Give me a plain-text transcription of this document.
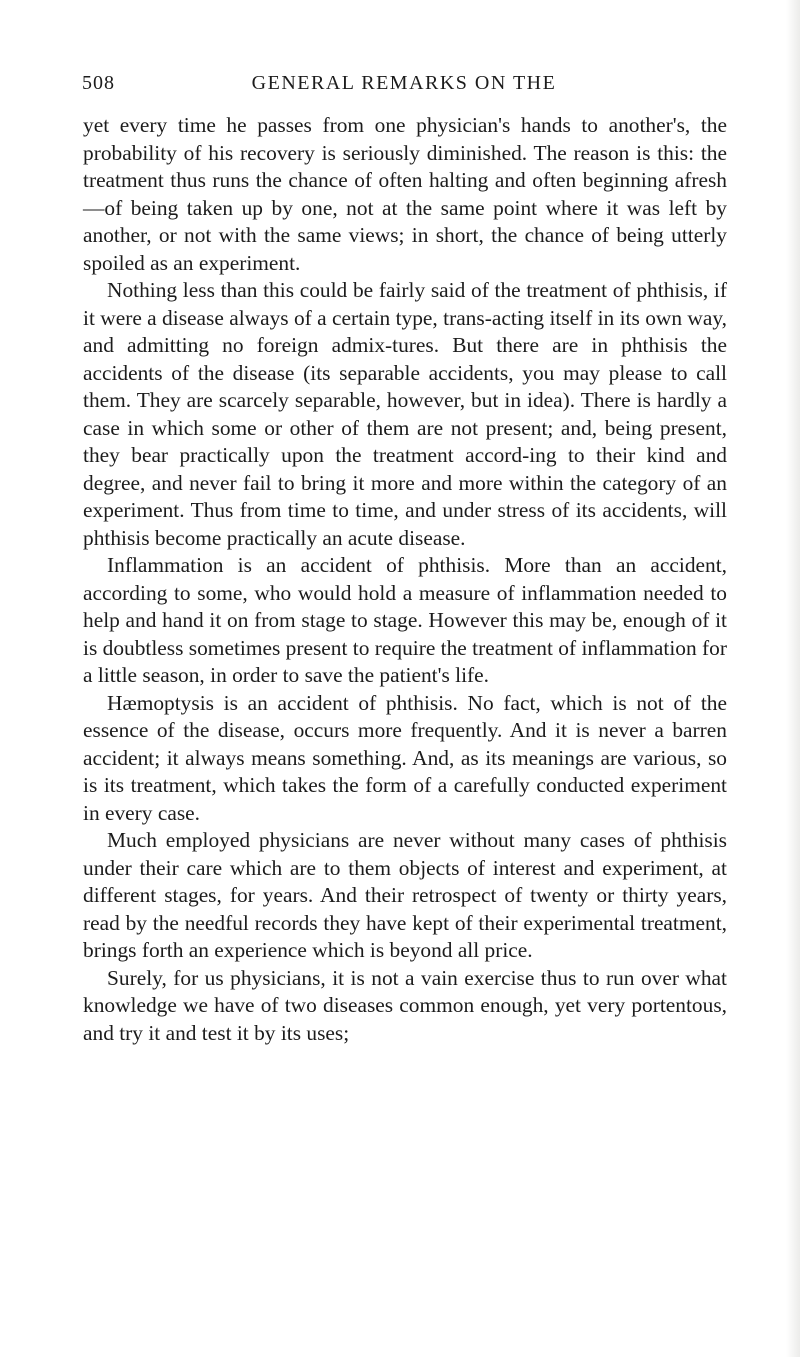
508	GENERAL REMARKS ON THE

yet every time he passes from one physician's hands to another's, the probability of his recovery is seriously diminished. The reason is this: the treatment thus runs the chance of often halting and often beginning afresh—of being taken up by one, not at the same point where it was left by another, or not with the same views; in short, the chance of being utterly spoiled as an experiment.

Nothing less than this could be fairly said of the treatment of phthisis, if it were a disease always of a certain type, trans-acting itself in its own way, and admitting no foreign admix-tures. But there are in phthisis the accidents of the disease (its separable accidents, you may please to call them. They are scarcely separable, however, but in idea). There is hardly a case in which some or other of them are not present; and, being present, they bear practically upon the treatment accord-ing to their kind and degree, and never fail to bring it more and more within the category of an experiment. Thus from time to time, and under stress of its accidents, will phthisis become practically an acute disease.

Inflammation is an accident of phthisis. More than an accident, according to some, who would hold a measure of inflammation needed to help and hand it on from stage to stage. However this may be, enough of it is doubtless sometimes present to require the treatment of inflammation for a little season, in order to save the patient's life.

Hæmoptysis is an accident of phthisis. No fact, which is not of the essence of the disease, occurs more frequently. And it is never a barren accident; it always means something. And, as its meanings are various, so is its treatment, which takes the form of a carefully conducted experiment in every case.

Much employed physicians are never without many cases of phthisis under their care which are to them objects of interest and experiment, at different stages, for years. And their retrospect of twenty or thirty years, read by the needful records they have kept of their experimental treatment, brings forth an experience which is beyond all price.

Surely, for us physicians, it is not a vain exercise thus to run over what knowledge we have of two diseases common enough, yet very portentous, and try it and test it by its uses;
